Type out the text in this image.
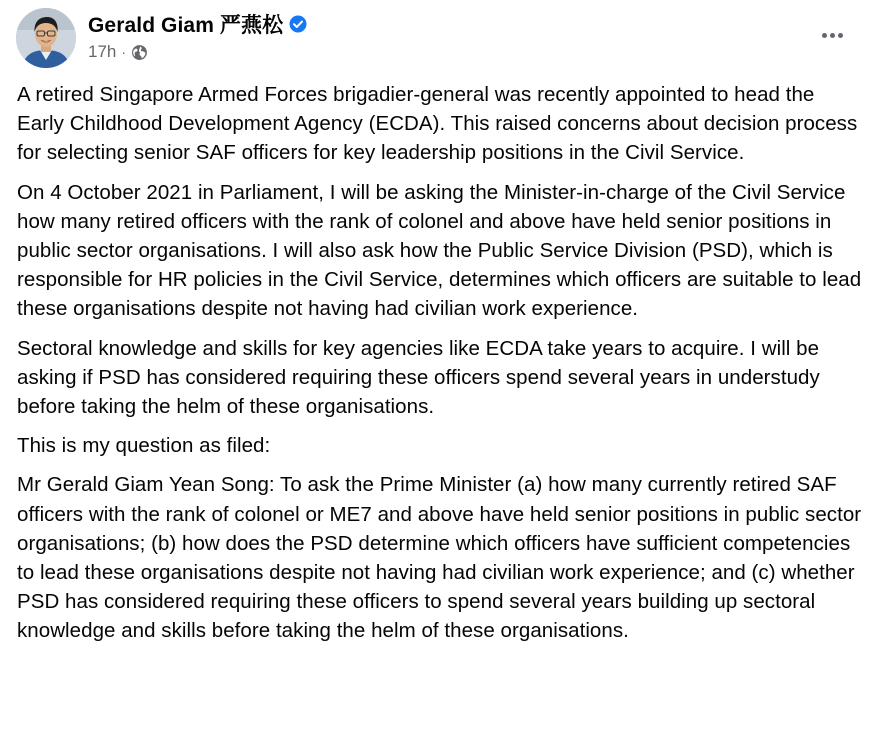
Gerald Giam 严燕松
17h ·

A retired Singapore Armed Forces brigadier-general was recently appointed to head the Early Childhood Development Agency (ECDA). This raised concerns about decision process for selecting senior SAF officers for key leadership positions in the Civil Service.

On 4 October 2021 in Parliament, I will be asking the Minister-in-charge of the Civil Service how many retired officers with the rank of colonel and above have held senior positions in public sector organisations. I will also ask how the Public Service Division (PSD), which is responsible for HR policies in the Civil Service, determines which officers are suitable to lead these organisations despite not having had civilian work experience.

Sectoral knowledge and skills for key agencies like ECDA take years to acquire. I will be asking if PSD has considered requiring these officers spend several years in understudy before taking the helm of these organisations.

This is my question as filed:

Mr Gerald Giam Yean Song: To ask the Prime Minister (a) how many currently retired SAF officers with the rank of colonel or ME7 and above have held senior positions in public sector organisations; (b) how does the PSD determine which officers have sufficient competencies to lead these organisations despite not having had civilian work experience; and (c) whether PSD has considered requiring these officers to spend several years building up sectoral knowledge and skills before taking the helm of these organisations.
